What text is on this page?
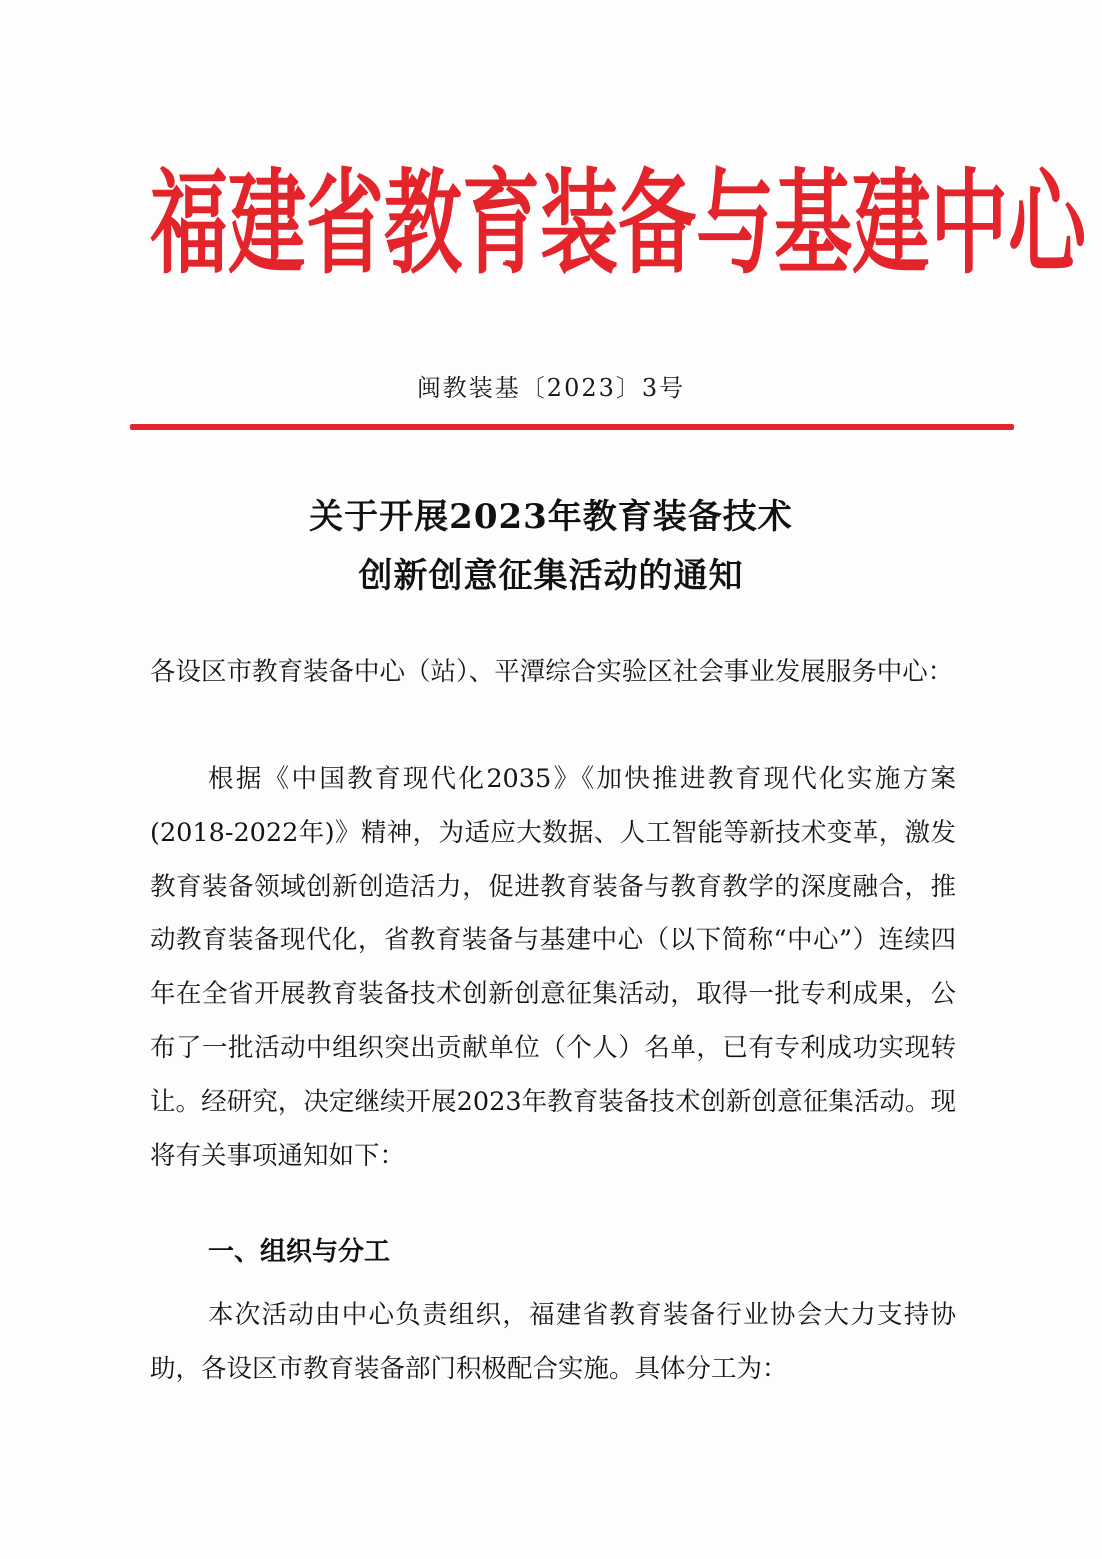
福 建 省 教 育 装 备 与 基 建 中 心
闽教装基〔2023〕3号
关于开展2023年教育装备技术
创新创意征集活动的通知
各设区市教育装备中心（站）、平潭综合实验区社会事业发展服务中心：
根据《中国教育现代化2035》《加快推进教育现代化实施方案(2018-2022年)》精神，为适应大数据、人工智能等新技术变革，激发教育装备领域创新创造活力，促进教育装备与教育教学的深度融合，推动教育装备现代化，省教育装备与基建中心（以下简称“中心”）连续四年在全省开展教育装备技术创新创意征集活动，取得一批专利成果，公布了一批活动中组织突出贡献单位（个人）名单，已有专利成功实现转让。经研究，决定继续开展2023年教育装备技术创新创意征集活动。现将有关事项通知如下：
一、组织与分工
本次活动由中心负责组织，福建省教育装备行业协会大力支持协助，各设区市教育装备部门积极配合实施。具体分工为：
